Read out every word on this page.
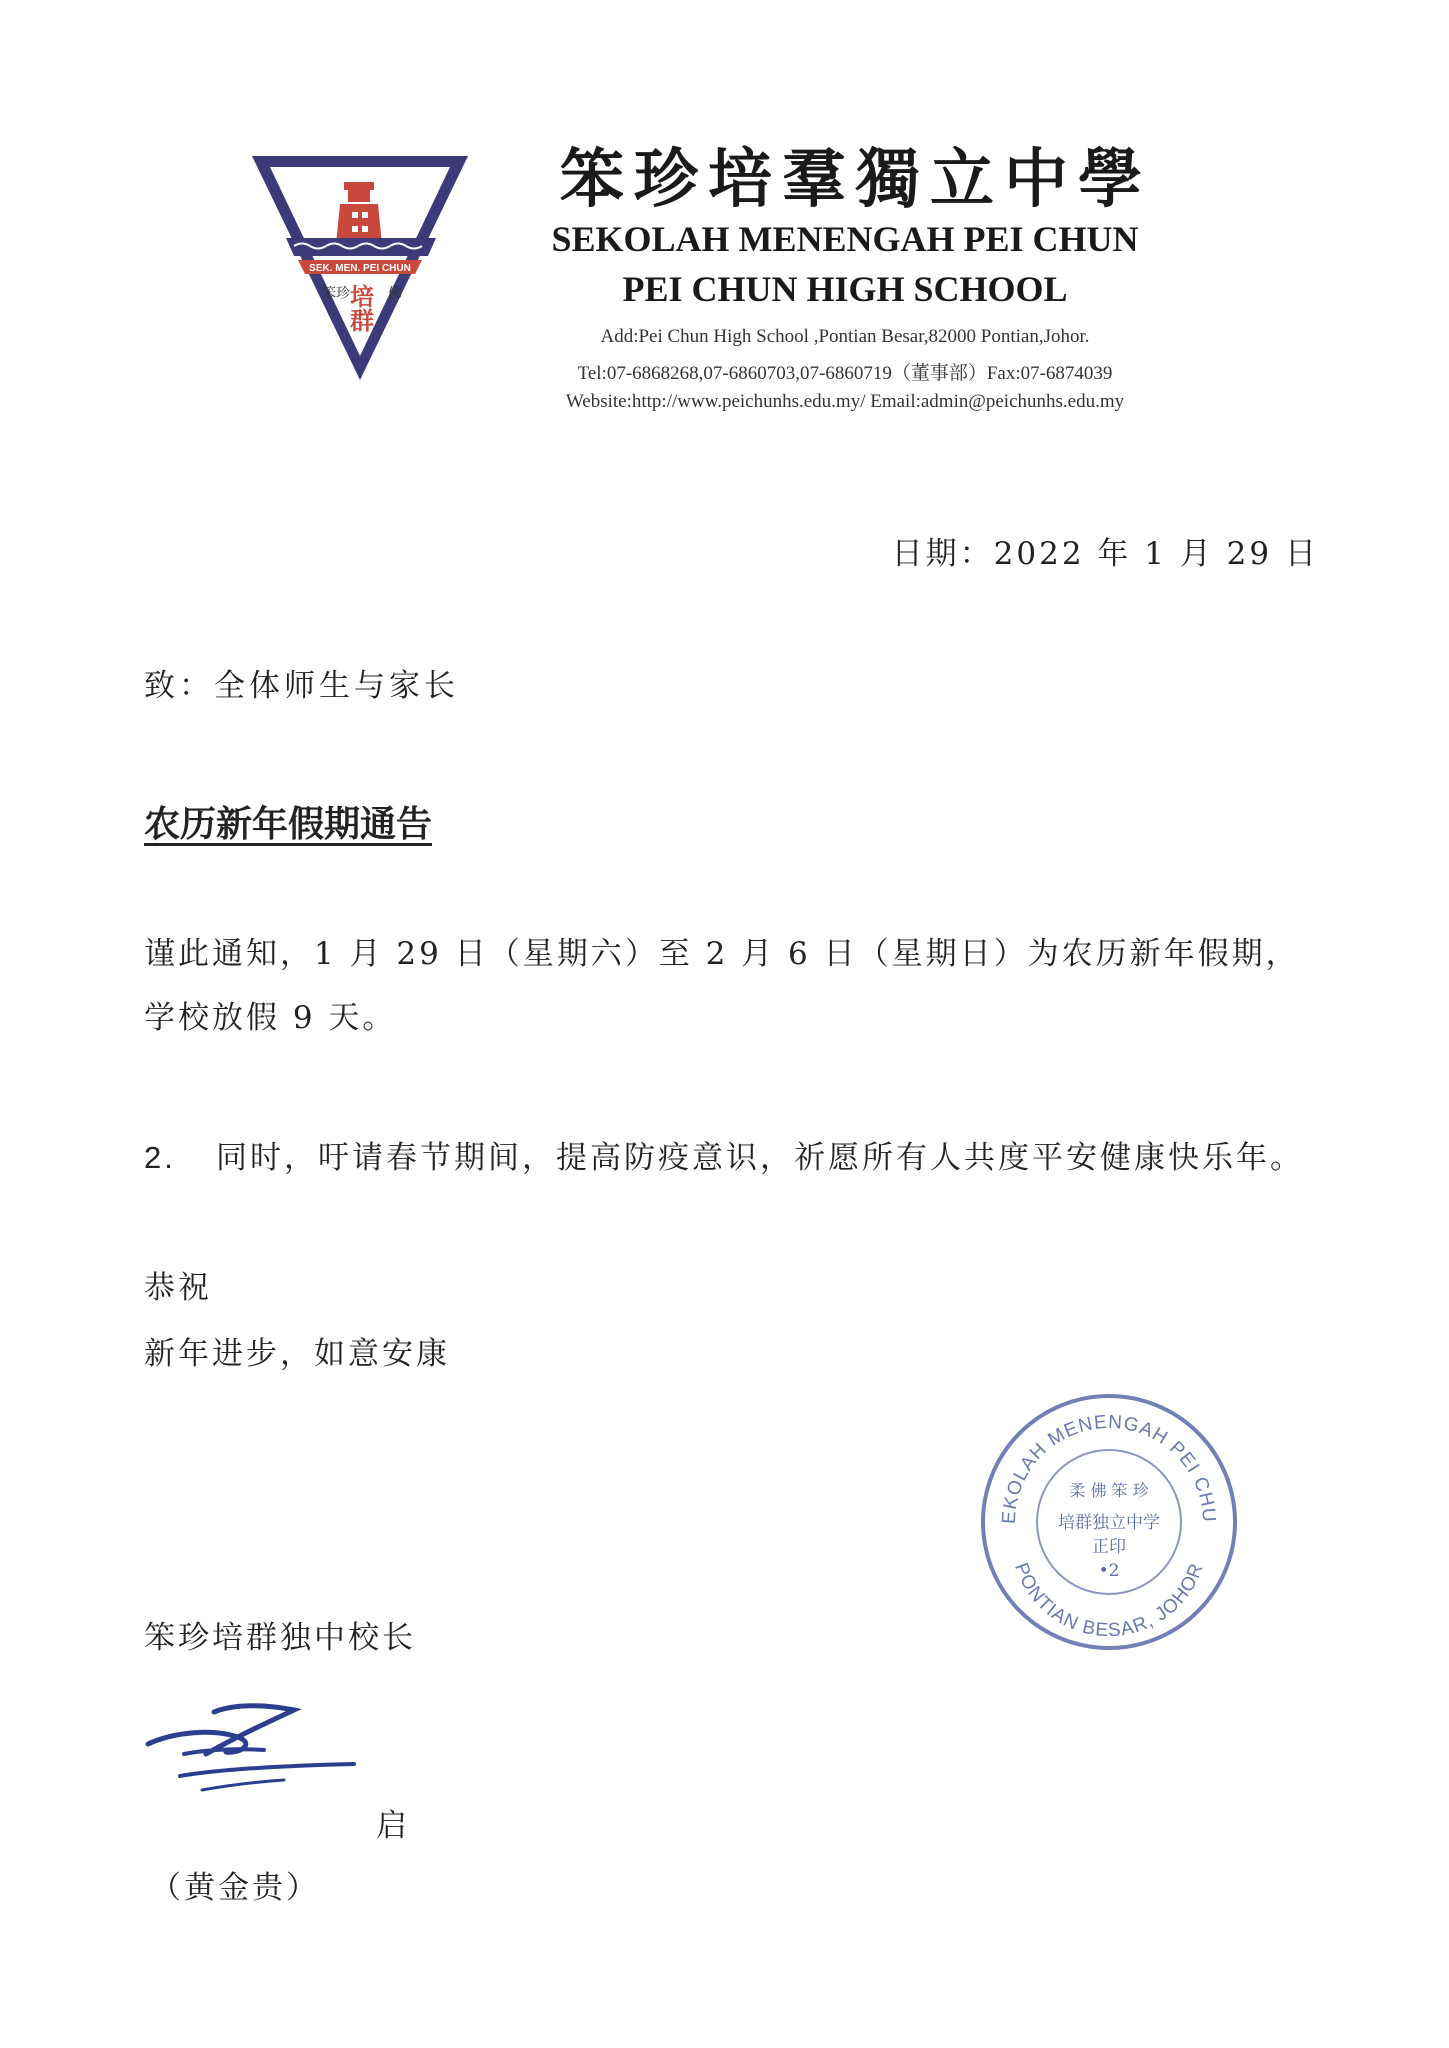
SEK. MEN. PEI CHUN
笨珍	佛
培群
笨珍培羣獨立中學
SEKOLAH MENENGAH PEI CHUN
PEI CHUN HIGH SCHOOL
Add:Pei Chun High School ,Pontian Besar,82000 Pontian,Johor.
Tel:07-6868268,07-6860703,07-6860719（董事部）Fax:07-6874039
Website:http://www.peichunhs.edu.my/ Email:admin@peichunhs.edu.my
日期：2022 年 1 月 29 日
致：全体师生与家长
农历新年假期通告
谨此通知，1 月 29 日（星期六）至 2 月 6 日（星期日）为农历新年假期，学校放假 9 天。
2. 同时，吁请春节期间，提高防疫意识，祈愿所有人共度平安健康快乐年。
恭祝
新年进步，如意安康
EKOLAH MENENGAH PEI CHU
PONTIAN BESAR, JOHOR
柔 佛 笨 珍
培群独立中学
正印
•2
笨珍培群独中校长
启
（黄金贵）
